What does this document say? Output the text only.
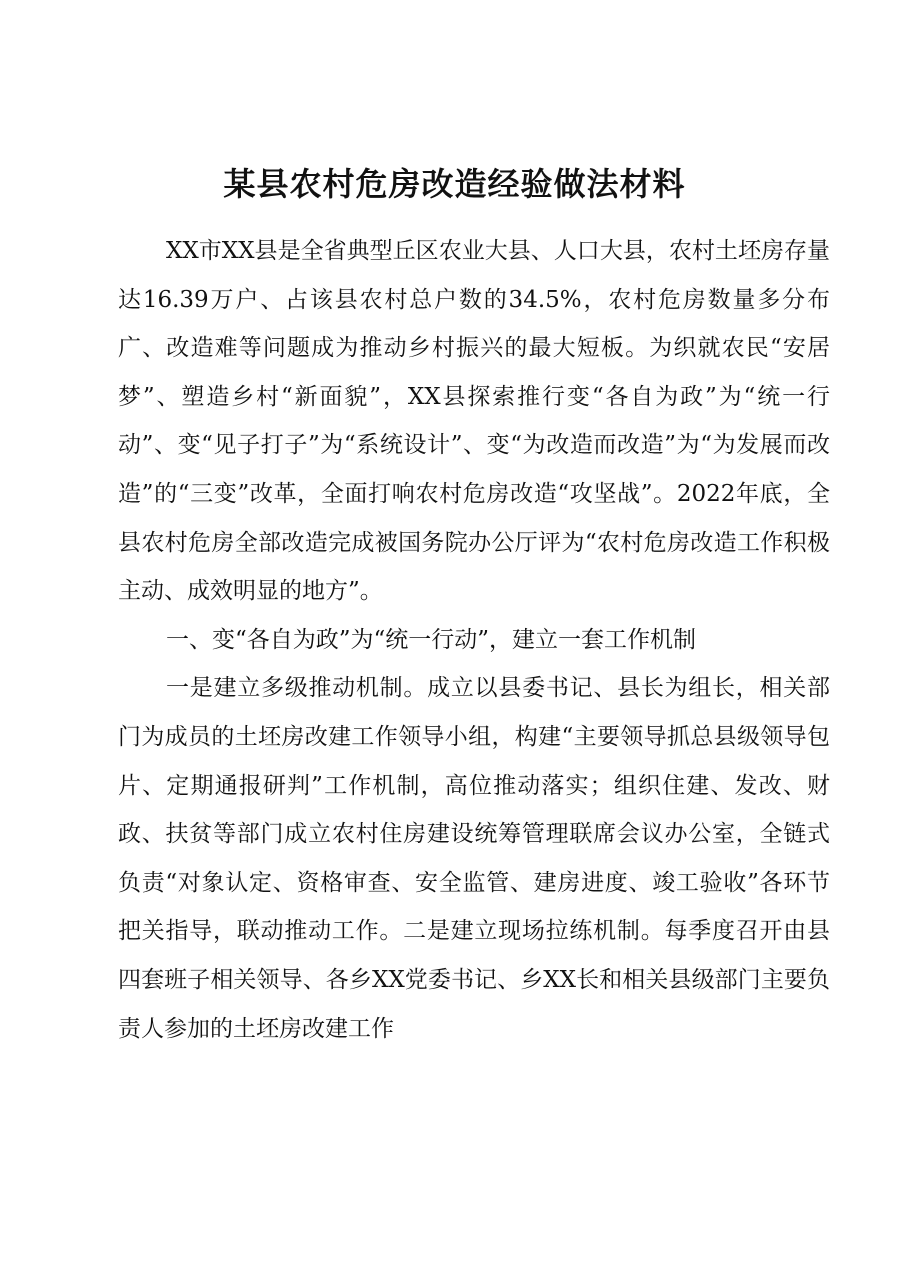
某县农村危房改造经验做法材料

XX市XX县是全省典型丘区农业大县、人口大县，农村土坯房存量达16.39万户、占该县农村总户数的34.5%，农村危房数量多分布广、改造难等问题成为推动乡村振兴的最大短板。为织就农民“安居梦”、塑造乡村“新面貌”，XX县探索推行变“各自为政”为“统一行动”、变“见子打子”为“系统设计”、变“为改造而改造”为“为发展而改造”的“三变”改革，全面打响农村危房改造“攻坚战”。2022年底，全县农村危房全部改造完成被国务院办公厅评为“农村危房改造工作积极主动、成效明显的地方”。

一、变“各自为政”为“统一行动”，建立一套工作机制

一是建立多级推动机制。成立以县委书记、县长为组长，相关部门为成员的土坯房改建工作领导小组，构建“主要领导抓总县级领导包片、定期通报研判”工作机制，高位推动落实；组织住建、发改、财政、扶贫等部门成立农村住房建设统筹管理联席会议办公室，全链式负责“对象认定、资格审查、安全监管、建房进度、竣工验收”各环节把关指导，联动推动工作。二是建立现场拉练机制。每季度召开由县四套班子相关领导、各乡XX党委书记、乡XX长和相关县级部门主要负责人参加的土坯房改建工作
